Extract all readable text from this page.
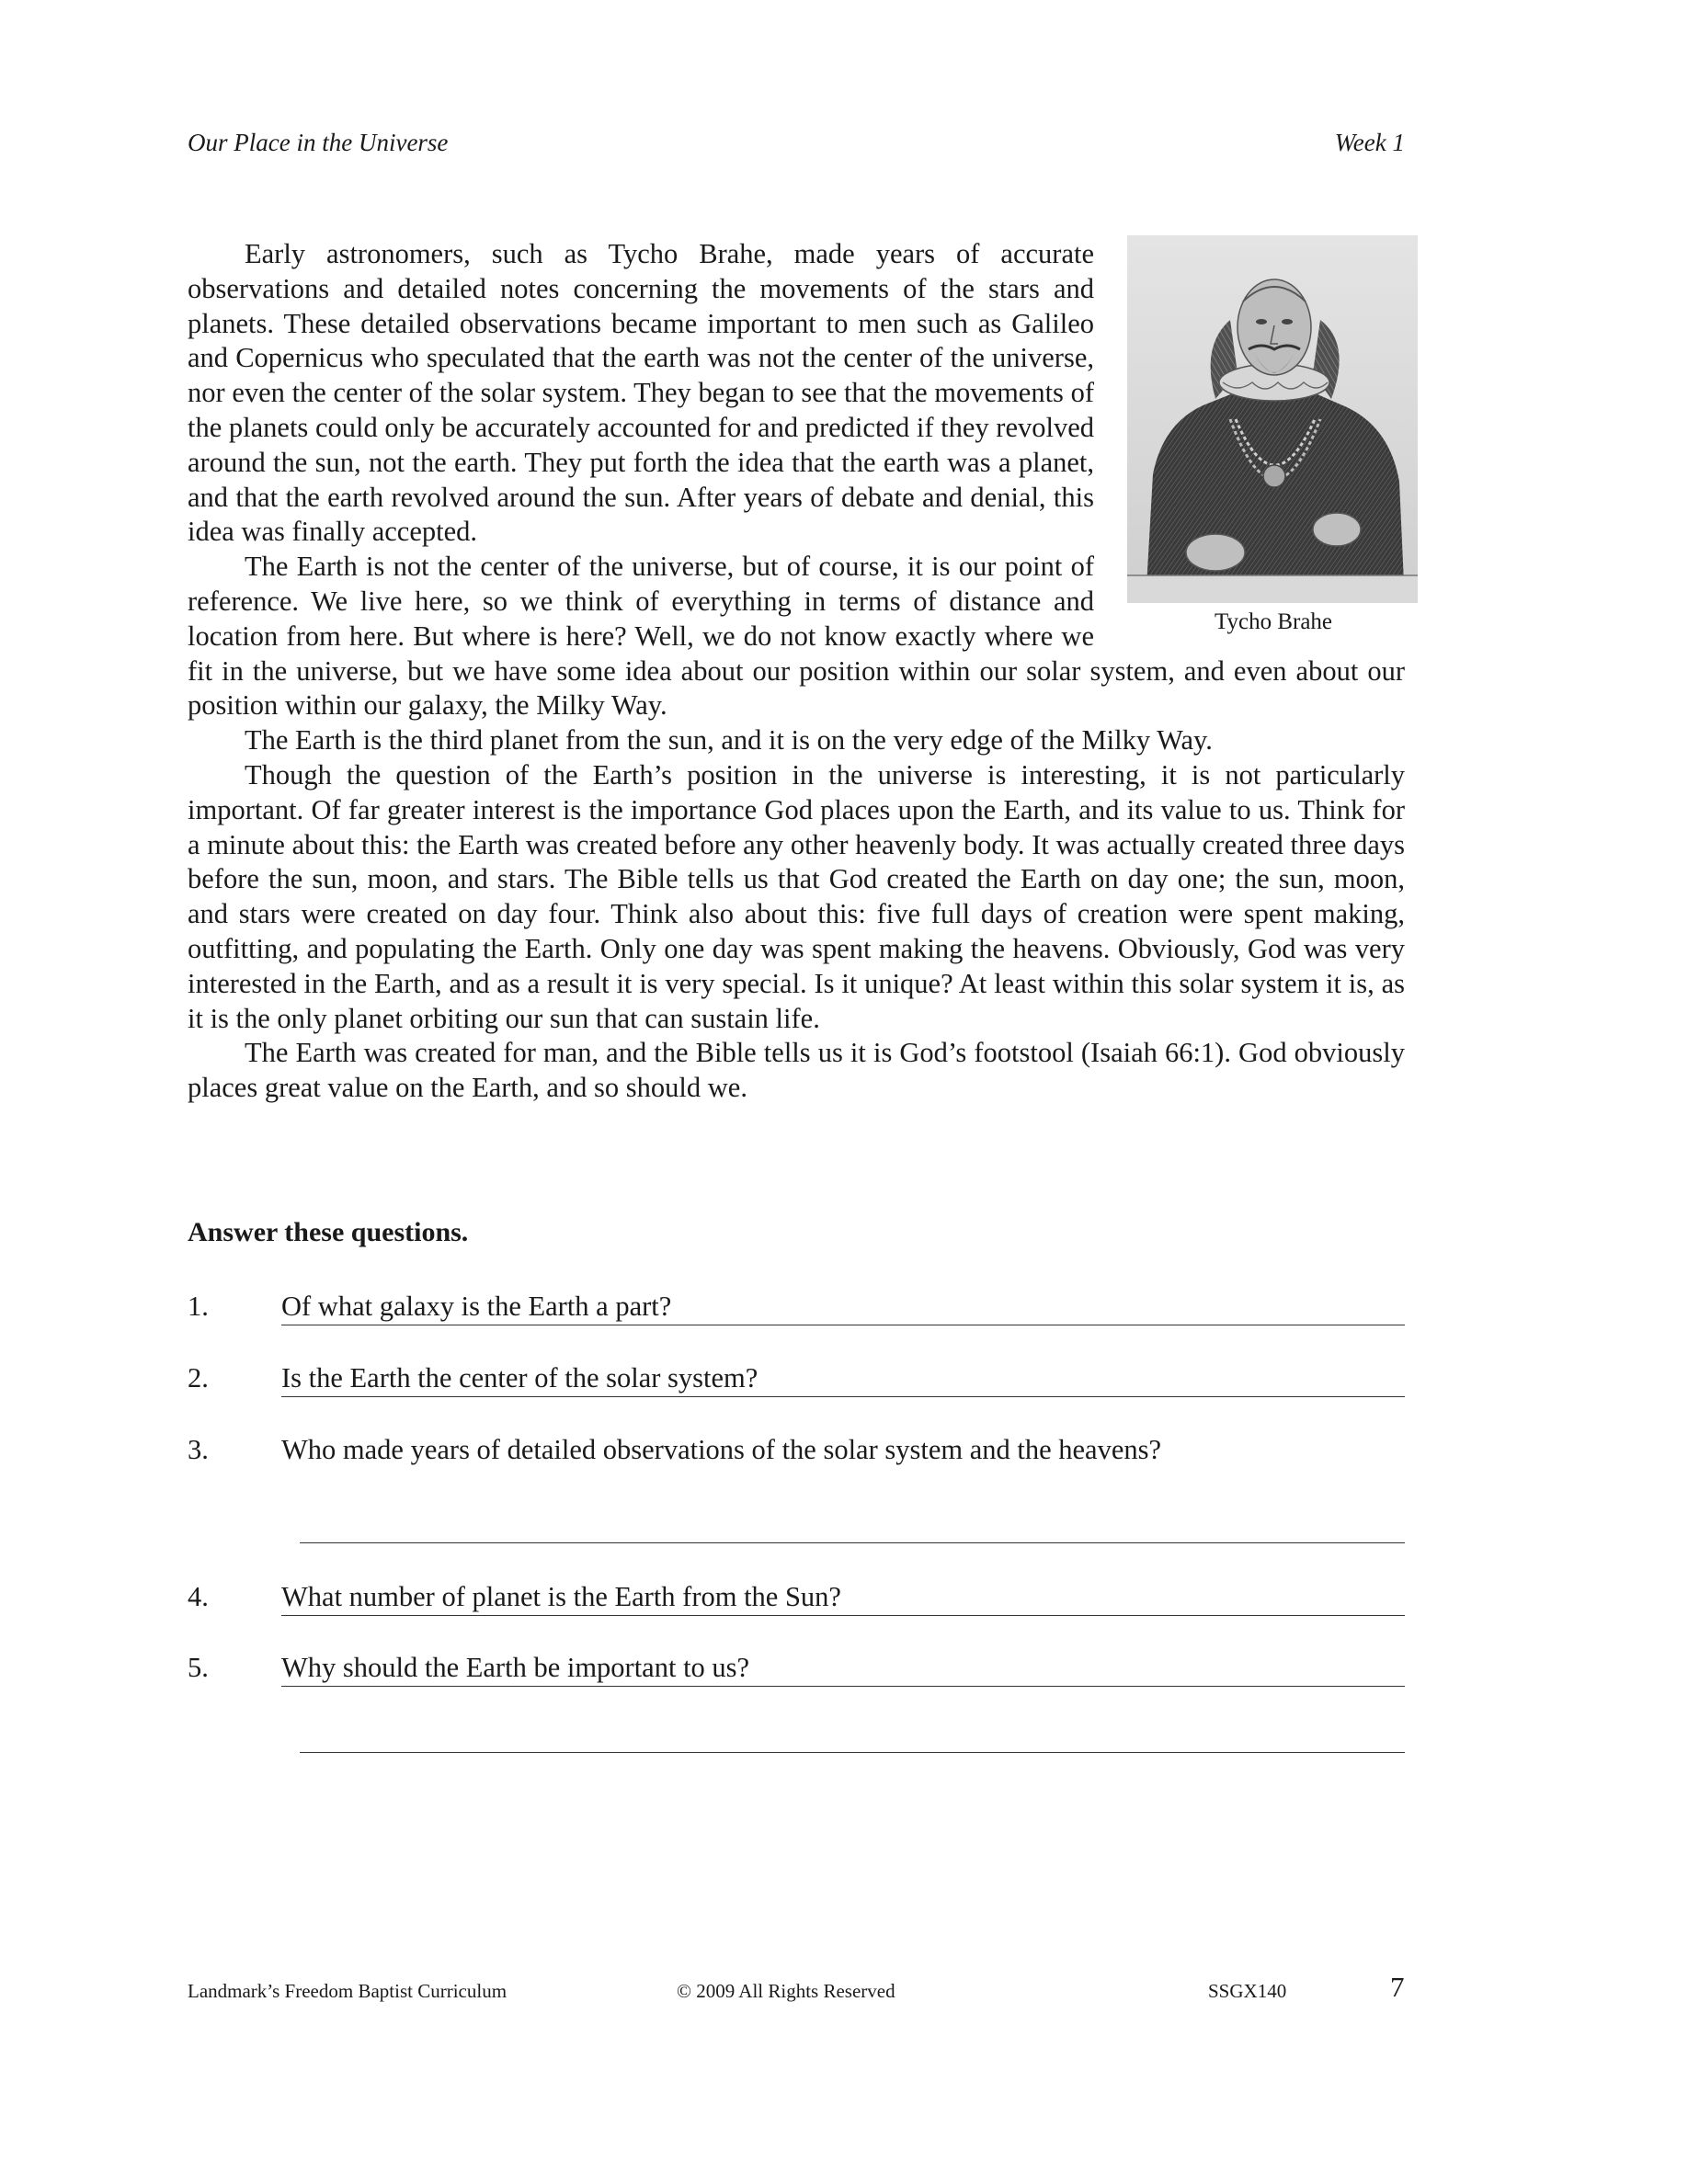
Our Place in the Universe	Week 1
Tycho Brahe

Early astronomers, such as Tycho Brahe, made years of accurate observations and detailed notes concerning the movements of the stars and planets. These detailed observations became important to men such as Galileo and Copernicus who speculated that the earth was not the center of the universe, nor even the center of the solar system. They began to see that the movements of the planets could only be accurately accounted for and predicted if they revolved around the sun, not the earth. They put forth the idea that the earth was a planet, and that the earth revolved around the sun. After years of debate and denial, this idea was finally accepted.

The Earth is not the center of the universe, but of course, it is our point of reference. We live here, so we think of everything in terms of distance and location from here. But where is here? Well, we do not know exactly where we fit in the universe, but we have some idea about our position within our solar system, and even about our position within our galaxy, the Milky Way.

The Earth is the third planet from the sun, and it is on the very edge of the Milky Way.

Though the question of the Earth’s position in the universe is interesting, it is not particularly important. Of far greater interest is the importance God places upon the Earth, and its value to us. Think for a minute about this: the Earth was created before any other heavenly body. It was actually created three days before the sun, moon, and stars. The Bible tells us that God created the Earth on day one; the sun, moon, and stars were created on day four. Think also about this: five full days of creation were spent making, outfitting, and populating the Earth. Only one day was spent making the heavens. Obviously, God was very interested in the Earth, and as a result it is very special. Is it unique? At least within this solar system it is, as it is the only planet orbiting our sun that can sustain life.

The Earth was created for man, and the Bible tells us it is God’s footstool (Isaiah 66:1). God obviously places great value on the Earth, and so should we.

Answer these questions.
1.	Of what galaxy is the Earth a part?
2.	Is the Earth the center of the solar system?
3.	Who made years of detailed observations of the solar system and the heavens?
4.	What number of planet is the Earth from the Sun?
5.	Why should the Earth be important to us?
Landmark’s Freedom Baptist Curriculum	© 2009 All Rights Reserved	SSGX140	7
